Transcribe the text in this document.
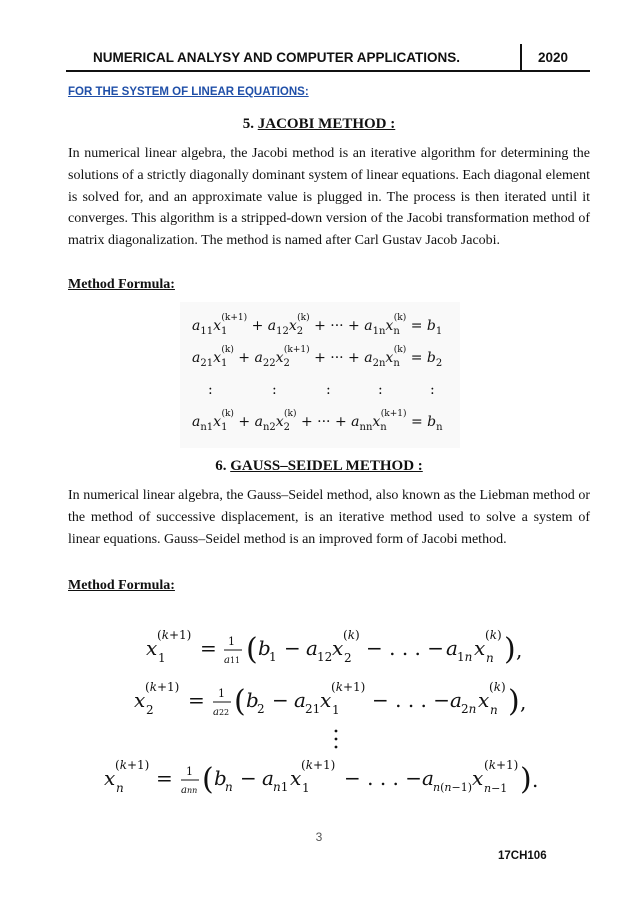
NUMERICAL ANALYSY AND COMPUTER APPLICATIONS.	2020
FOR THE SYSTEM OF LINEAR EQUATIONS:
5. JACOBI METHOD :
In numerical linear algebra, the Jacobi method is an iterative algorithm for determining the solutions of a strictly diagonally dominant system of linear equations. Each diagonal element is solved for, and an approximate value is plugged in. The process is then iterated until it converges. This algorithm is a stripped-down version of the Jacobi transformation method of matrix diagonalization. The method is named after Carl Gustav Jacob Jacobi.
Method Formula:
$a_{11}x_1(k+1) + a_{12}x_2(k)$ + ··· + $a_{1n}x_n(k) = b_1$
$a_{21}x_1(k) + a_{22}x_2(k+1)$ + ··· + $a_{2n}x_n(k) = b_2$
:	:	:	:	:
$a_{n1}x_1(k) + a_{n2}x_2(k)$ + ··· + $a_{nn}x_n(k+1) = b_n$
6. GAUSS–SEIDEL METHOD :
In numerical linear algebra, the Gauss–Seidel method, also known as the Liebman method or the method of successive displacement, is an iterative method used to solve a system of linear equations. Gauss–Seidel method is an improved form of Jacobi method.
Method Formula:
x 1
(k+1)
= 1
a11 ( b
1 − a 12 x 2
(k)
− . . . − a 1n x n
(k) ) ,
x 2
(k+1)
= 1
a22 ( b
2 − a 21 x 1
(k+1)
− . . . − a 2n x n
(k) ) ,
x n
(k+1)
= 1
ann ( b
n − a n1 x 1
(k+1)
− . . . − a n(n−1) x n−1
(k+1) ) .
3
17CH106
